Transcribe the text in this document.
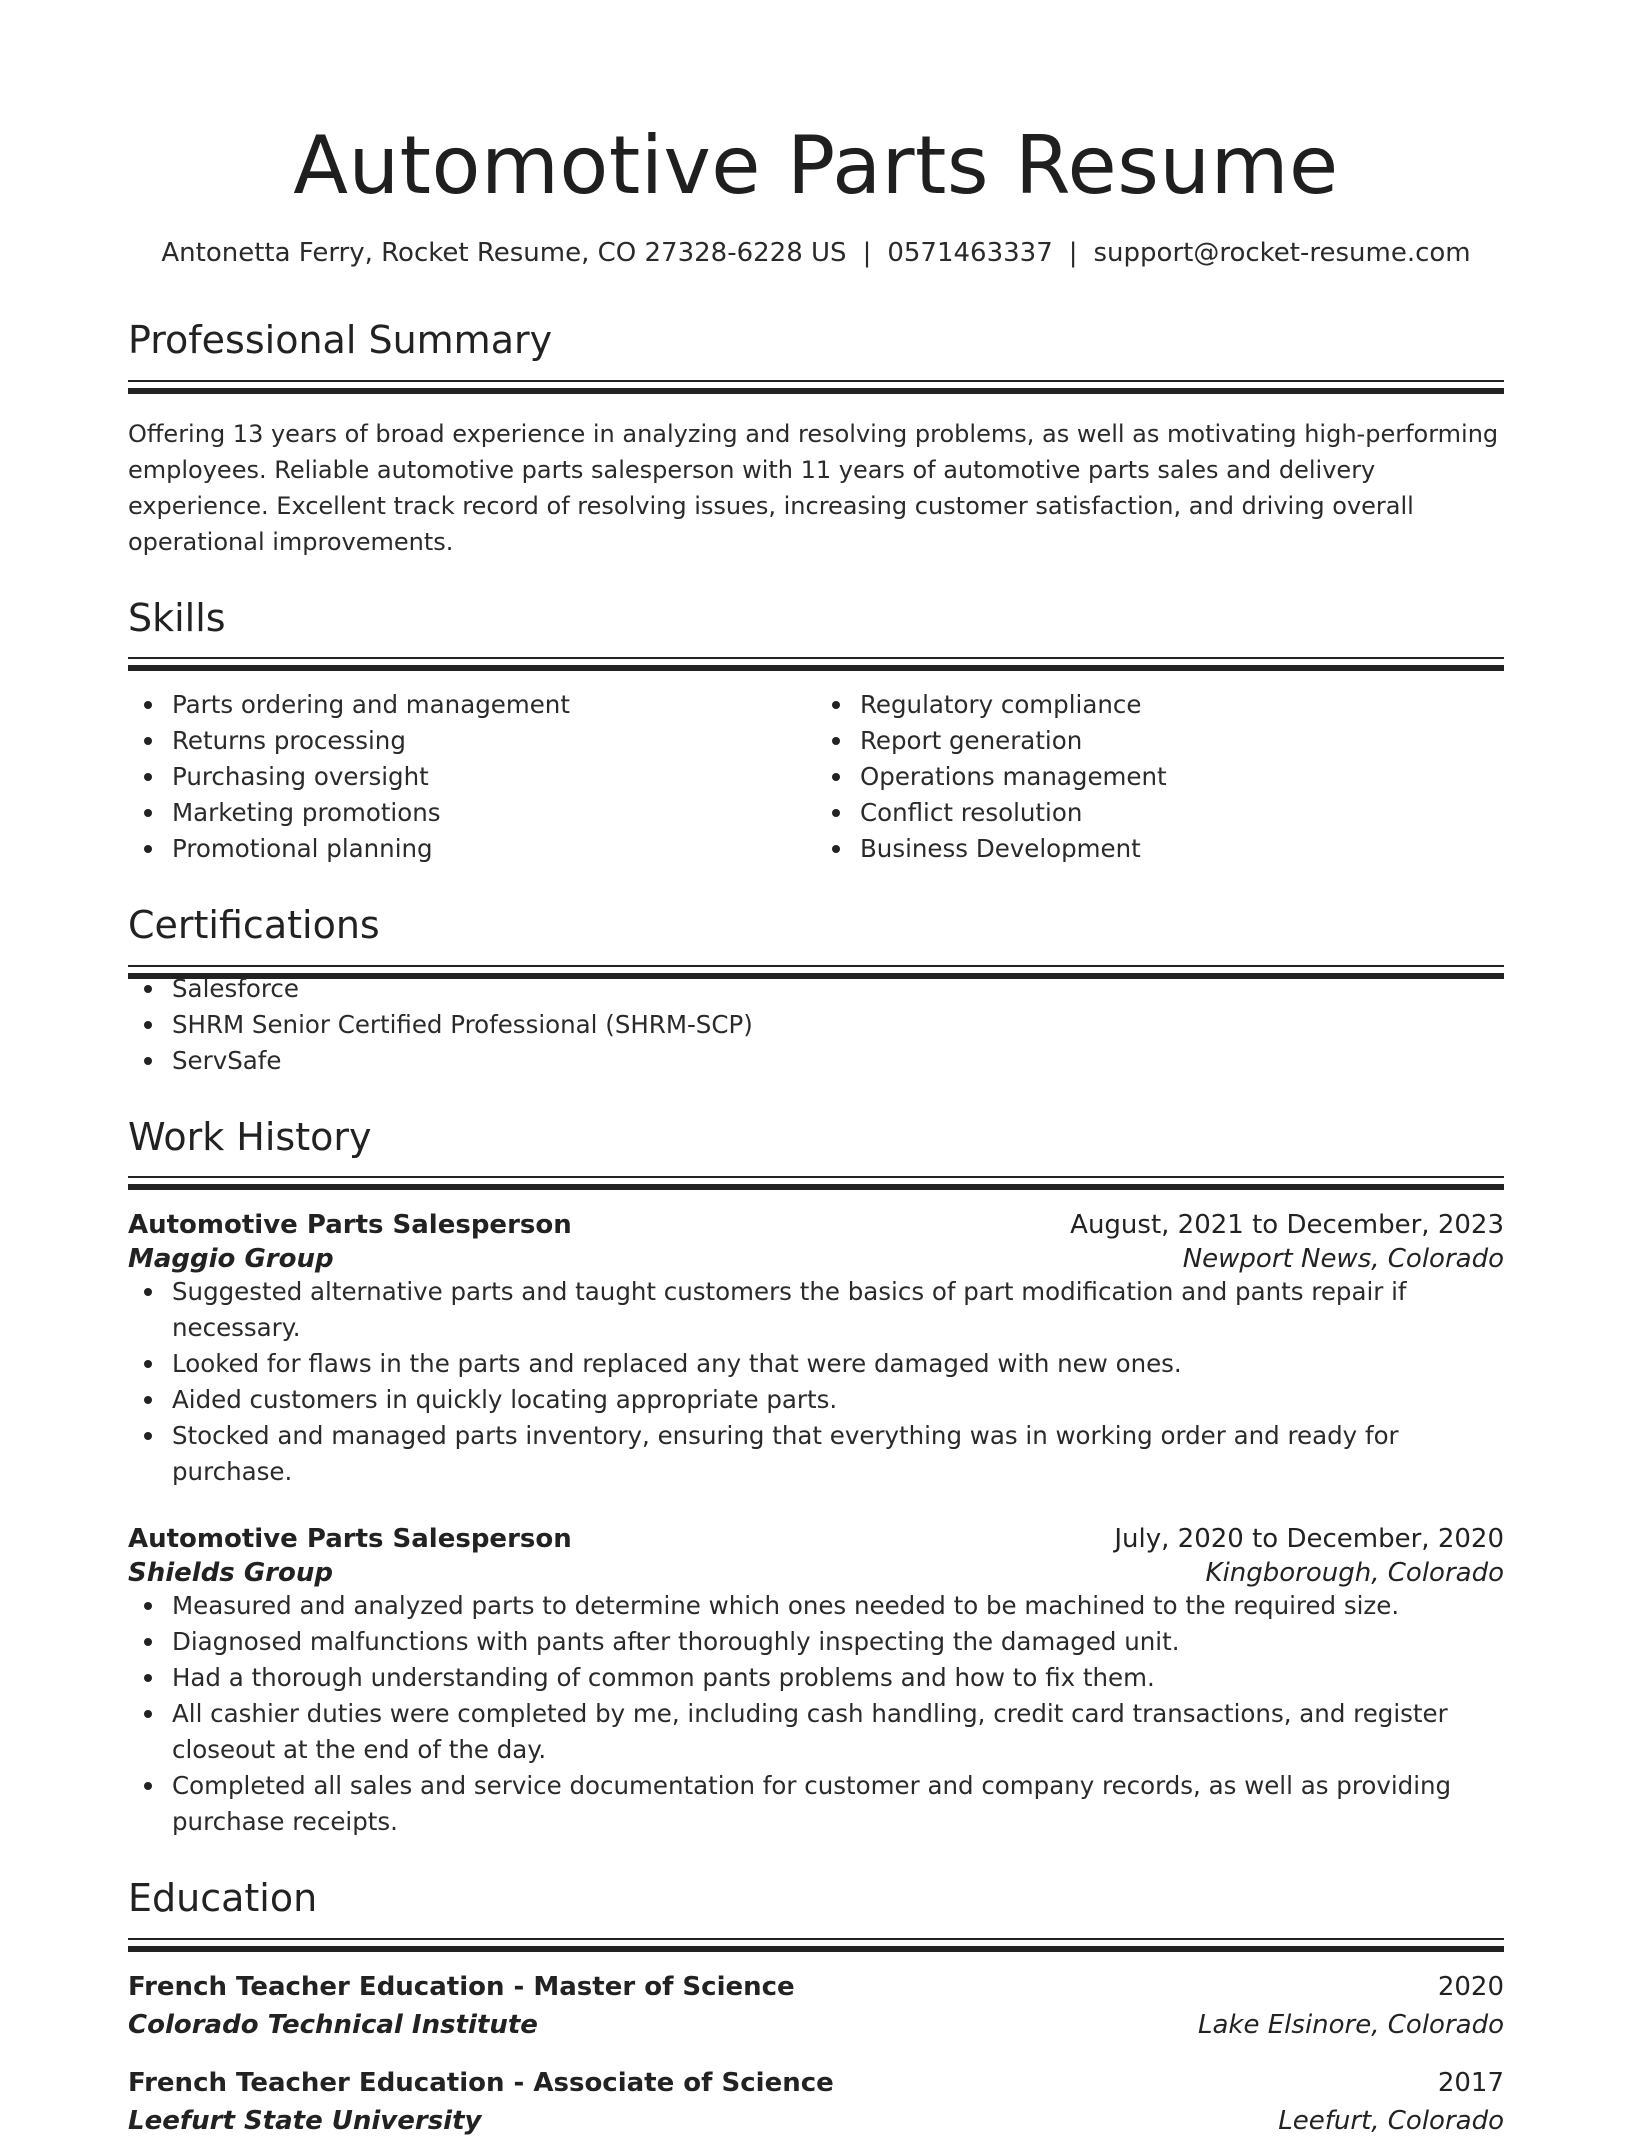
Automotive Parts Resume
Antonetta Ferry, Rocket Resume, CO 27328-6228 US | 0571463337 | support@rocket-resume.com
Professional Summary
Offering 13 years of broad experience in analyzing and resolving problems, as well as motivating high-performing employees. Reliable automotive parts salesperson with 11 years of automotive parts sales and delivery experience. Excellent track record of resolving issues, increasing customer satisfaction, and driving overall operational improvements.
Skills
Parts ordering and management
Returns processing
Purchasing oversight
Marketing promotions
Promotional planning
Regulatory compliance
Report generation
Operations management
Conflict resolution
Business Development
Certifications
Salesforce
SHRM Senior Certified Professional (SHRM-SCP)
ServSafe
Work History
Automotive Parts Salesperson	August, 2021 to December, 2023
Maggio Group	Newport News, Colorado
Suggested alternative parts and taught customers the basics of part modification and pants repair if necessary.
Looked for flaws in the parts and replaced any that were damaged with new ones.
Aided customers in quickly locating appropriate parts.
Stocked and managed parts inventory, ensuring that everything was in working order and ready for purchase.
Automotive Parts Salesperson	July, 2020 to December, 2020
Shields Group	Kingborough, Colorado
Measured and analyzed parts to determine which ones needed to be machined to the required size.
Diagnosed malfunctions with pants after thoroughly inspecting the damaged unit.
Had a thorough understanding of common pants problems and how to fix them.
All cashier duties were completed by me, including cash handling, credit card transactions, and register closeout at the end of the day.
Completed all sales and service documentation for customer and company records, as well as providing purchase receipts.
Education
French Teacher Education - Master of Science	2020
Colorado Technical Institute	Lake Elsinore, Colorado
French Teacher Education - Associate of Science	2017
Leefurt State University	Leefurt, Colorado
